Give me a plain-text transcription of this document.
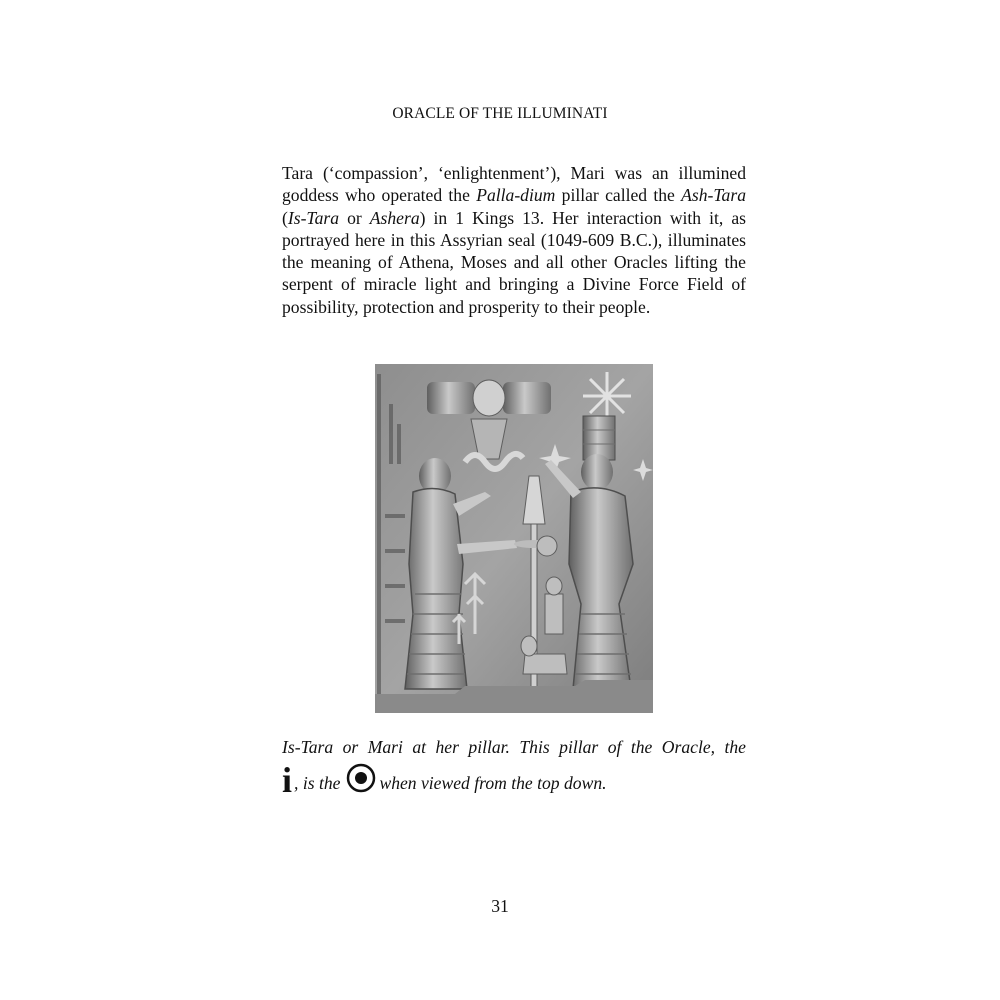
ORACLE OF THE ILLUMINATI

Tara (‘compassion’, ‘enlightenment’), Mari was an illumined goddess who operated the Palla-dium pillar called the Ash-Tara (Is-Tara or Ashera) in 1 Kings 13. Her interaction with it, as portrayed here in this Assyrian seal (1049-609 B.C.), illuminates the meaning of Athena, Moses and all other Oracles lifting the serpent of miracle light and bringing a Divine Force Field of possibility, protection and prosperity to their people.

Is-Tara or Mari at her pillar. This pillar of the Oracle, the
i , is the when viewed from the top down.

31
